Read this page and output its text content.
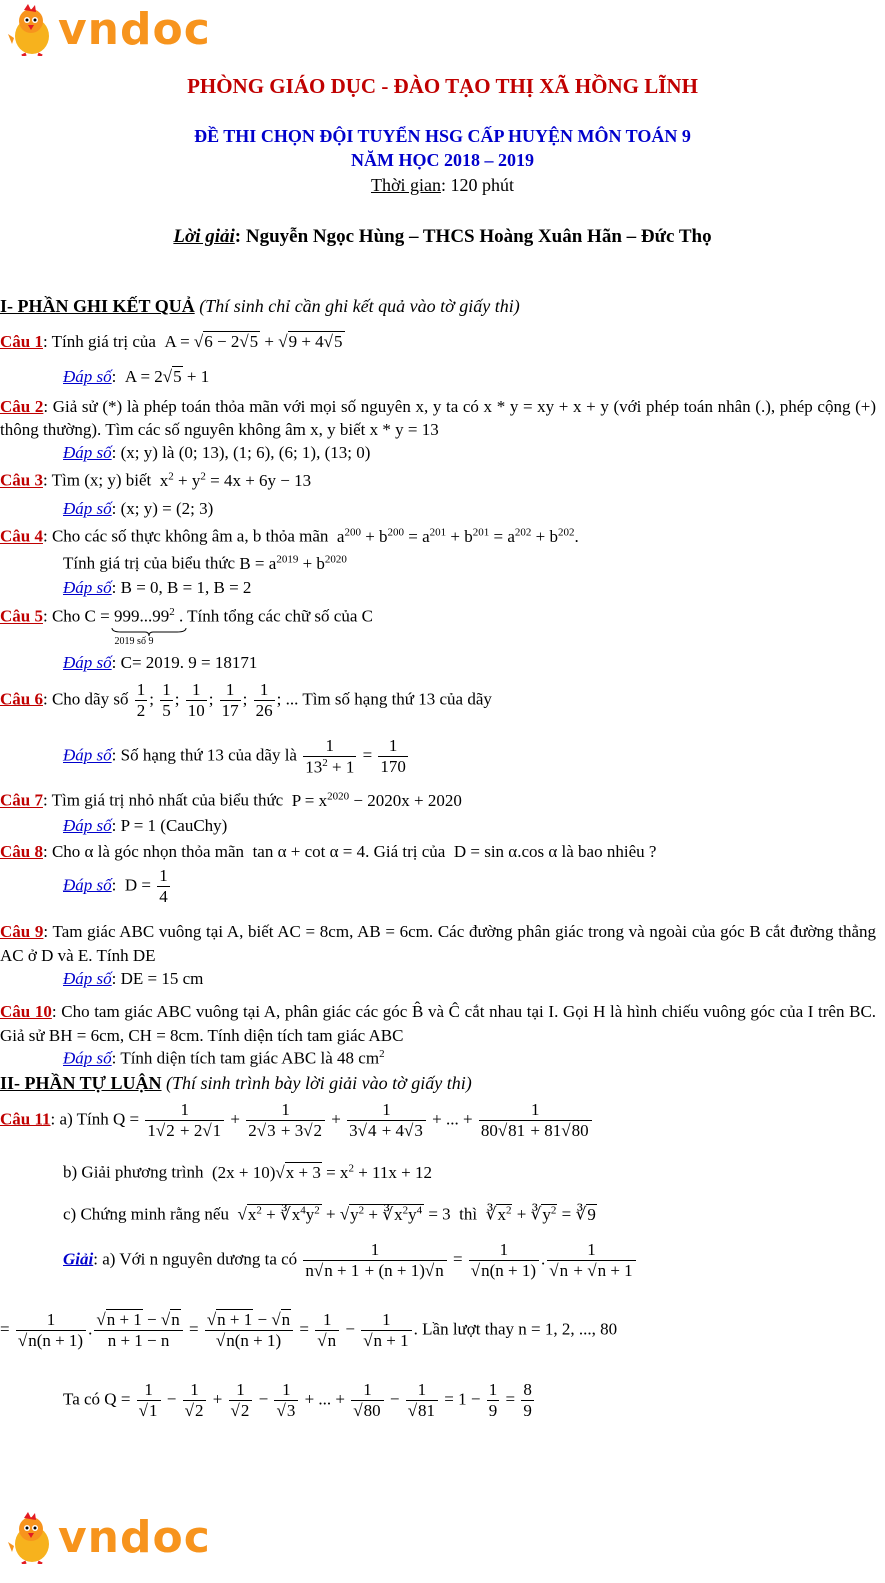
vndoc
PHÒNG GIÁO DỤC - ĐÀO TẠO THỊ XÃ HỒNG LĨNH
ĐỀ THI CHỌN ĐỘI TUYỂN HSG CẤP HUYỆN MÔN TOÁN 9
NĂM HỌC 2018 – 2019
Thời gian: 120 phút
Lời giải: Nguyễn Ngọc Hùng – THCS Hoàng Xuân Hãn – Đức Thọ
I- PHẦN GHI KẾT QUẢ (Thí sinh chỉ cần ghi kết quả vào tờ giấy thi)
Câu 1: Tính giá trị của  A = √6 − 2√5 + √9 + 4√5
Đáp số:  A = 2√5 + 1
Câu 2: Giả sử (*) là phép toán thỏa mãn với mọi số nguyên x, y ta có x * y = xy + x + y (với phép toán nhân (.), phép cộng (+) thông thường). Tìm các số nguyên không âm x, y biết x * y = 13
Đáp số: (x; y) là (0; 13), (1; 6), (6; 1), (13; 0)
Câu 3: Tìm (x; y) biết  $x^2 + y^2 = 4x + 6y - 13$
Đáp số: (x; y) = (2; 3)
Câu 4: Cho các số thực không âm a, b thỏa mãn  $a^{200} + b^{200} = a^{201} + b^{201} = a^{202} + b^{202}$.
Tính giá trị của biểu thức $B = a^{2019} + b^{2020}$
Đáp số: B = 0, B = 1, B = 2
Câu 5: Cho $C = 999...99^2$
2019 số 9
. Tính tổng các chữ số của C
Đáp số: C= 2019. 9 = 18171
Câu 6: Cho dãy số $\frac{1}{2}$ ; $\frac{1}{5}$ ; $\frac{1}{10}$ ; $\frac{1}{17}$ ; $\frac{1}{26}$ ; ... Tìm số hạng thứ 13 của dãy
Đáp số: Số hạng thứ 13 của dãy là $\frac{1}{13^2 + 1} = \frac{1}{170}$
Câu 7: Tìm giá trị nhỏ nhất của biểu thức  $P = x^{2020} - 2020x + 2020$
Đáp số: P = 1 (CauChy)
Câu 8: Cho α là góc nhọn thỏa mãn  tan α + cot α = 4. Giá trị của  D = sin α.cos α là bao nhiêu ?
Đáp số:  $D = \frac{1}{4}$
Câu 9: Tam giác ABC vuông tại A, biết AC = 8cm, AB = 6cm. Các đường phân giác trong và ngoài của góc B cắt đường thẳng AC ở D và E. Tính DE
Đáp số: DE = 15 cm
Câu 10: Cho tam giác ABC vuông tại A, phân giác các góc B̂ và Ĉ cắt nhau tại I. Gọi H là hình chiếu vuông góc của I trên BC. Giả sử BH = 6cm, CH = 8cm. Tính diện tích tam giác ABC
Đáp số: Tính diện tích tam giác ABC là 48 $cm^2$
II- PHẦN TỰ LUẬN (Thí sinh trình bày lời giải vào tờ giấy thi)
Câu 11: a) Tính $Q = \frac{1}{1√2 + 2√1} + \frac{1}{2√3 + 3√2} + \frac{1}{3√4 + 4√3}$ + ... + $\frac{1}{80√81 + 81√80}$
b) Giải phương trình  $(2x + 10)√x + 3 = x^2 + 11x + 12$
c) Chứng minh rằng nếu  $√x^2$ + $∛x^4y^2 + √y^2$ + $∛x^2y^4 = 3$  thì  $∛x^2$ + $∛y^2$ = ∛9
Giải: a) Với n nguyên dương ta có $\frac{1}{n√n + 1 + (n + 1)√n} = \frac{1}{√n(n + 1)}$ . $\frac{1}{√n + √n + 1}$
= $\frac{1}{√n(n + 1)}$ . $\frac{√n + 1 - √n}{n + 1 - n} = \frac{√n + 1 - √n}{√n(n + 1)} = \frac{1}{√n} - \frac{1}{√n + 1}$ . Lần lượt thay n = 1, 2, ..., 80
Ta có $Q = \frac{1}{√1} - \frac{1}{√2} + \frac{1}{√2} - \frac{1}{√3}$ + ... + $\frac{1}{√80} - \frac{1}{√81} = 1 - \frac{1}{9} = \frac{8}{9}$
vndoc
